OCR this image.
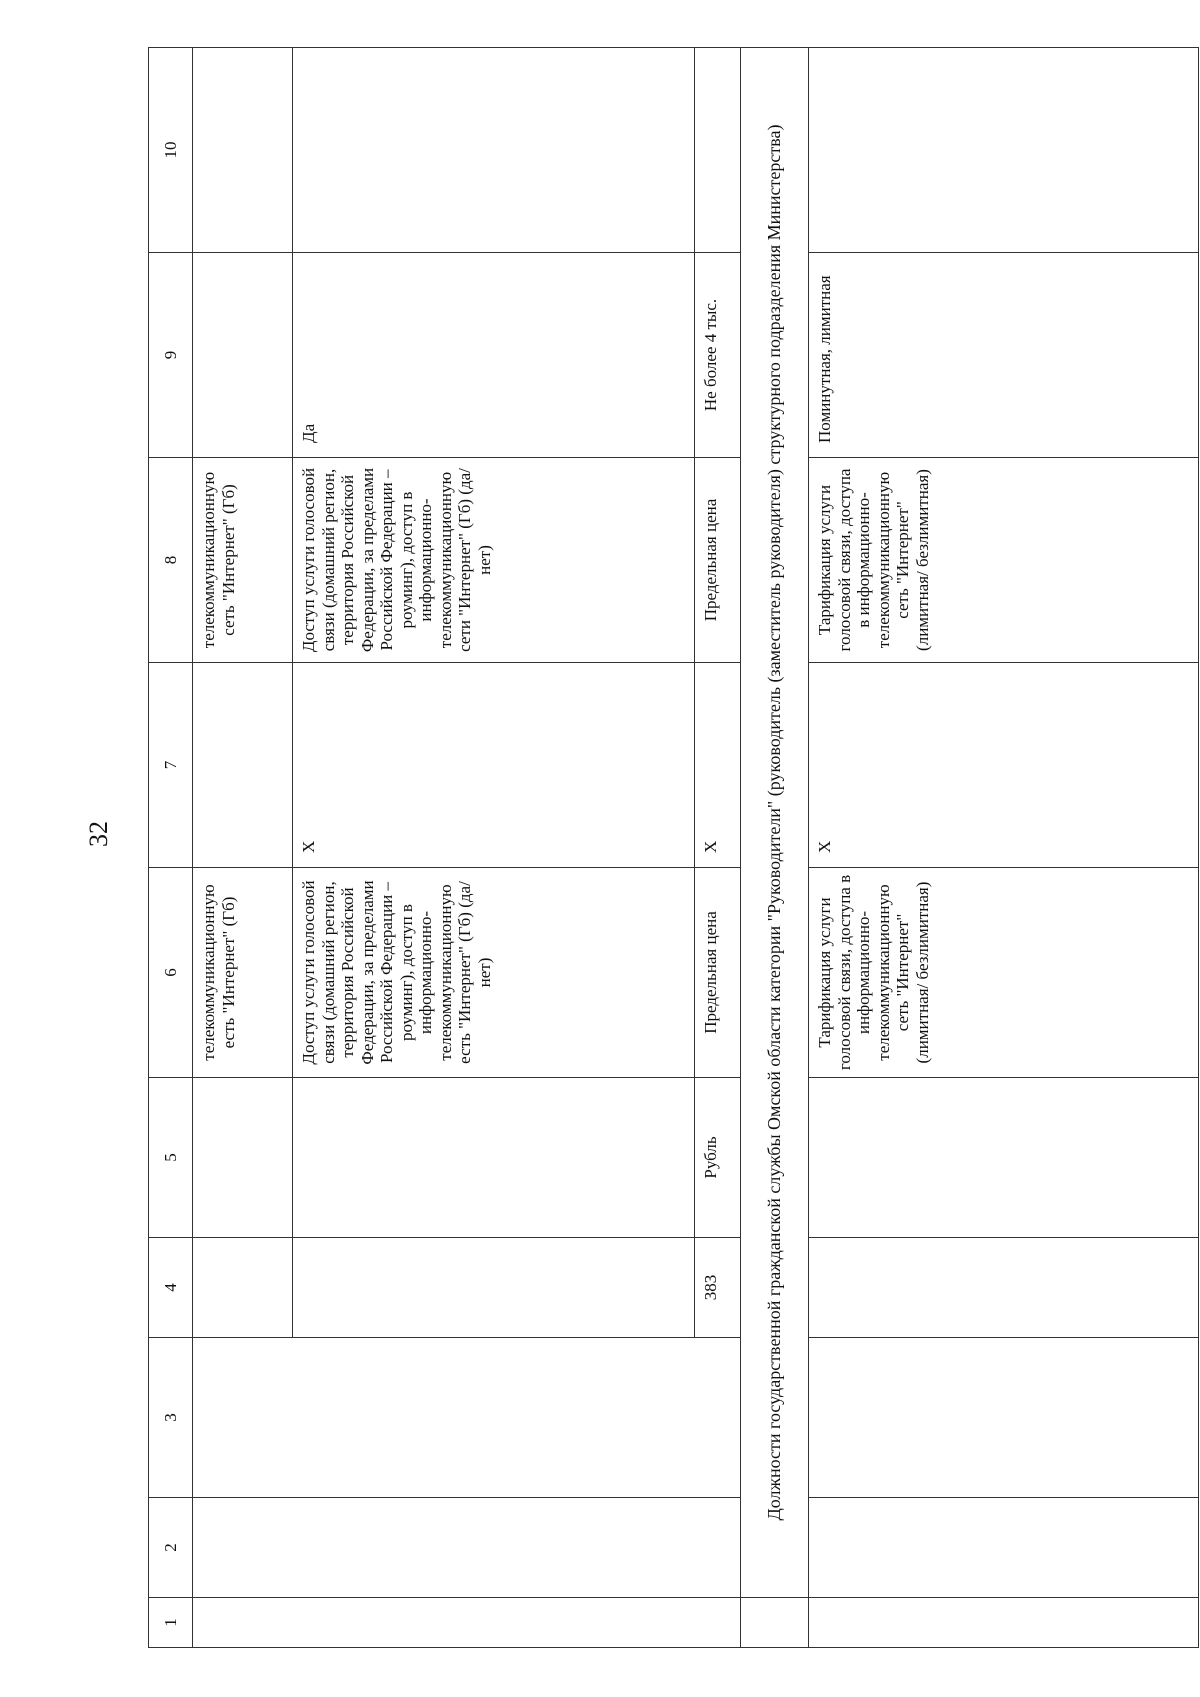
32
1	2	3	4	5	6	7	8	9	10
					телекоммуникационную есть "Интернет" (Гб)		телекоммуникационную сеть "Интернет" (Гб)		
					Доступ услуги голосовой связи (домашний регион, территория Российской Федерации, за пределами Российской Федерации – роуминг), доступ в информационно-телекоммуникационную есть "Интернет" (Гб) (да/нет)	Х	Доступ услуги голосовой связи (домашний регион, территория Российской Федерации, за пределами Российской Федерации – роуминг), доступ в информационно-телекоммуникационную сети "Интернет" (Гб) (да/нет)	Да	
			383	Рубль	Предельная цена	Х	Предельная цена	Не более 4 тыс.	
	Должности государственной гражданской службы Омской области категории "Руководители" (руководитель (заместитель руководителя) структурного подразделения Министерства)								
					Тарификация услуги голосовой связи, доступа в информационно-телекоммуникационную сеть "Интернет" (лимитная/ безлимитная)	Х	Тарификация услуги голосовой связи, доступа в информационно-телекоммуникационную сеть "Интернет" (лимитная/ безлимитная)	Поминутная, лимитная	
